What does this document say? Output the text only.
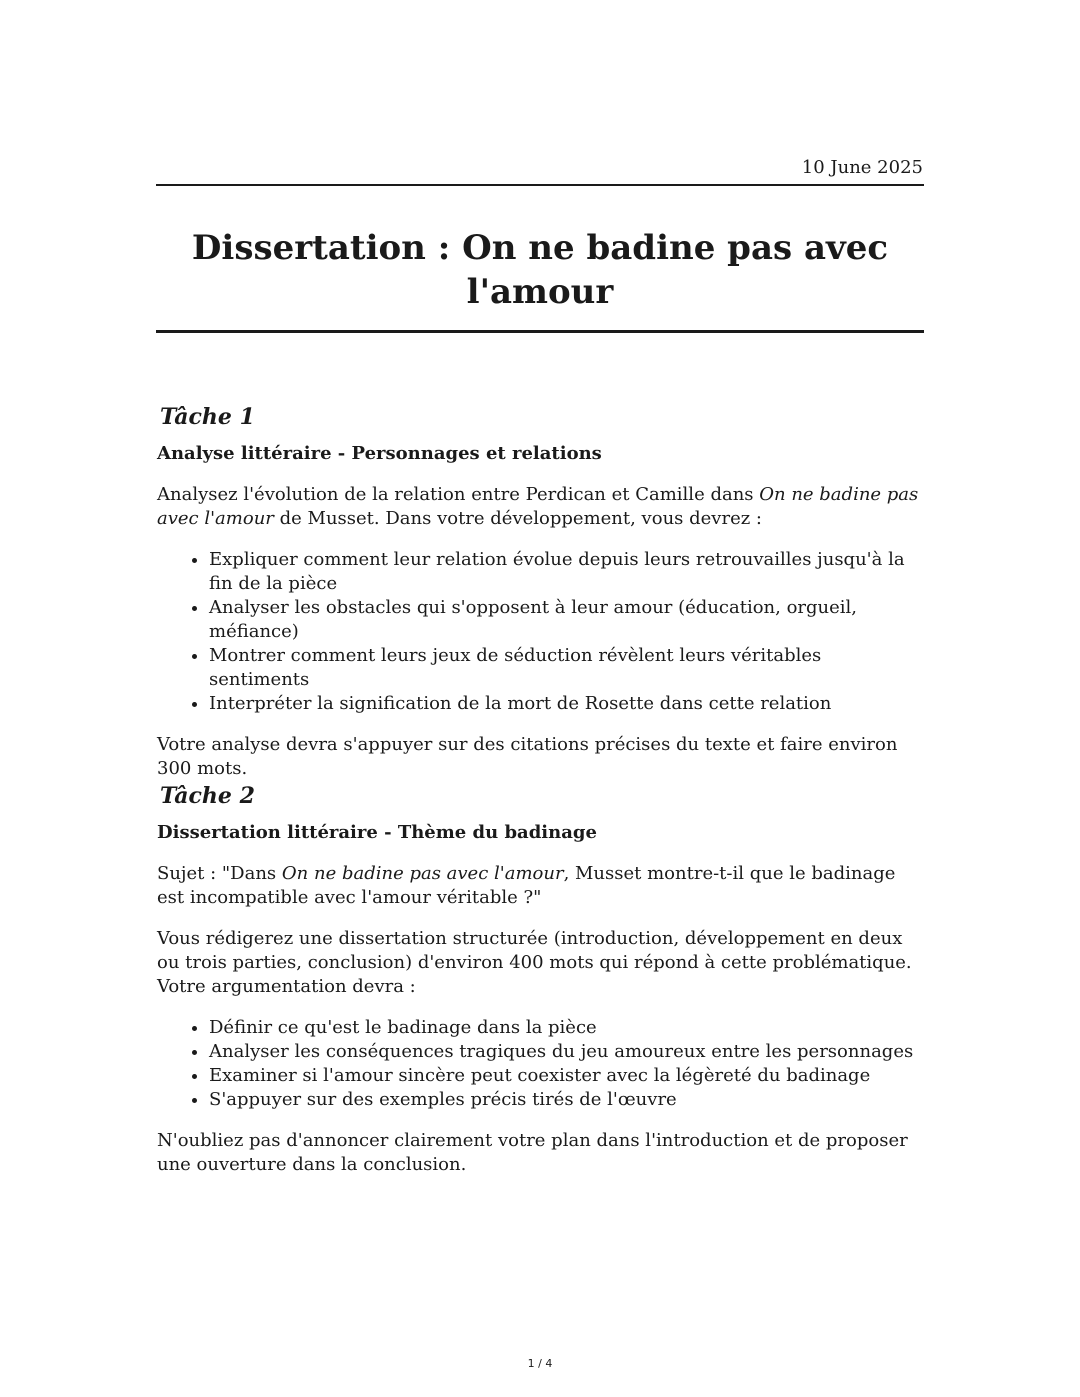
10 June 2025
Dissertation : On ne badine pas avec l'amour
Tâche 1
Analyse littéraire - Personnages et relations

Analysez l'évolution de la relation entre Perdican et Camille dans On ne badine pas avec l'amour de Musset. Dans votre développement, vous devrez :

• Expliquer comment leur relation évolue depuis leurs retrouvailles jusqu'à la fin de la pièce
• Analyser les obstacles qui s'opposent à leur amour (éducation, orgueil, méfiance)
• Montrer comment leurs jeux de séduction révèlent leurs véritables sentiments
• Interpréter la signification de la mort de Rosette dans cette relation

Votre analyse devra s'appuyer sur des citations précises du texte et faire environ 300 mots.

Tâche 2
Dissertation littéraire - Thème du badinage

Sujet : "Dans On ne badine pas avec l'amour, Musset montre-t-il que le badinage est incompatible avec l'amour véritable ?"

Vous rédigerez une dissertation structurée (introduction, développement en deux ou trois parties, conclusion) d'environ 400 mots qui répond à cette problématique. Votre argumentation devra :

• Définir ce qu'est le badinage dans la pièce
• Analyser les conséquences tragiques du jeu amoureux entre les personnages
• Examiner si l'amour sincère peut coexister avec la légèreté du badinage
• S'appuyer sur des exemples précis tirés de l'œuvre

N'oubliez pas d'annoncer clairement votre plan dans l'introduction et de proposer une ouverture dans la conclusion.

1 / 4
